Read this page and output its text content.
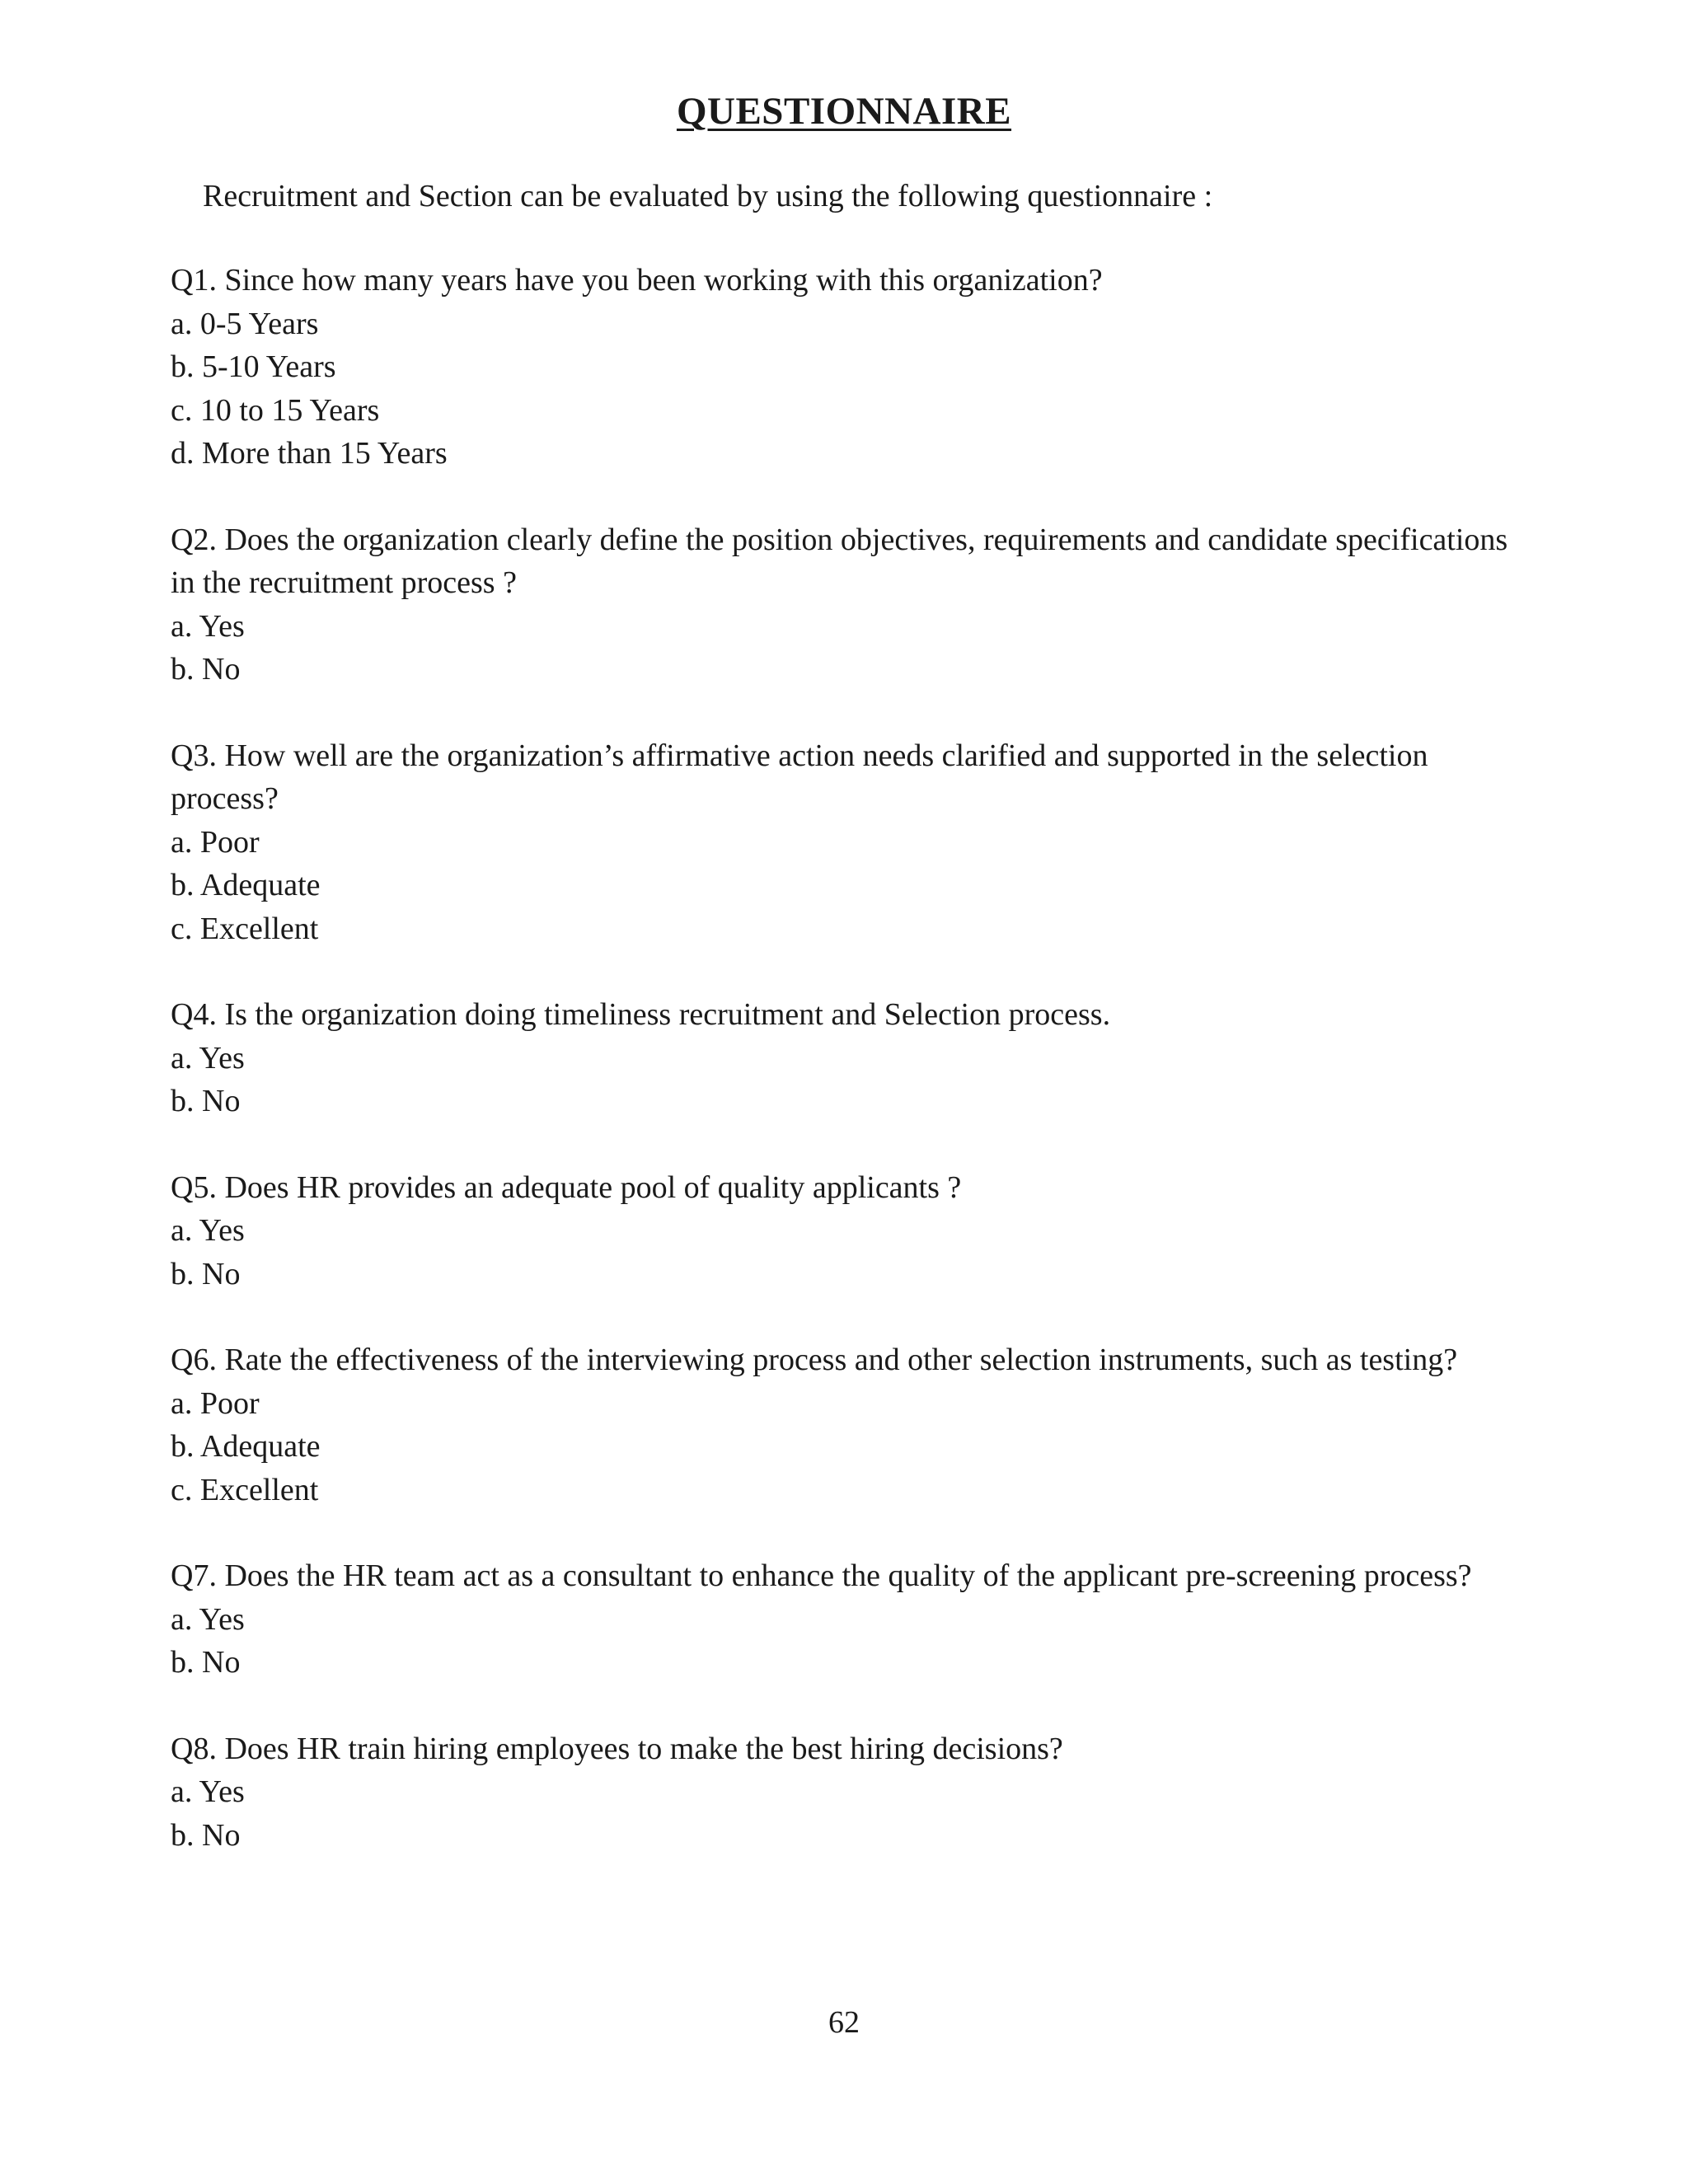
QUESTIONNAIRE
Recruitment and Section can be evaluated by using the following questionnaire :
Q1. Since how many years have you been working with this organization?
a. 0-5 Years
b. 5-10 Years
c. 10 to 15 Years
d. More than 15 Years
Q2. Does the organization clearly define the position objectives, requirements and candidate specifications in the recruitment process ?
a. Yes
b. No
Q3. How well are the organization’s affirmative action needs clarified and supported in the selection process?
a. Poor
b. Adequate
c. Excellent
Q4. Is the organization doing timeliness recruitment and Selection process.
a. Yes
b. No
Q5. Does HR provides an adequate pool of quality applicants ?
a. Yes
b. No
Q6. Rate the effectiveness of the interviewing process and other selection instruments, such as testing?
a. Poor
b. Adequate
c. Excellent
Q7. Does the HR team act as a consultant to enhance the quality of the applicant pre-screening process?
a. Yes
b. No
Q8. Does HR train hiring employees to make the best hiring decisions?
a. Yes
b. No
62
